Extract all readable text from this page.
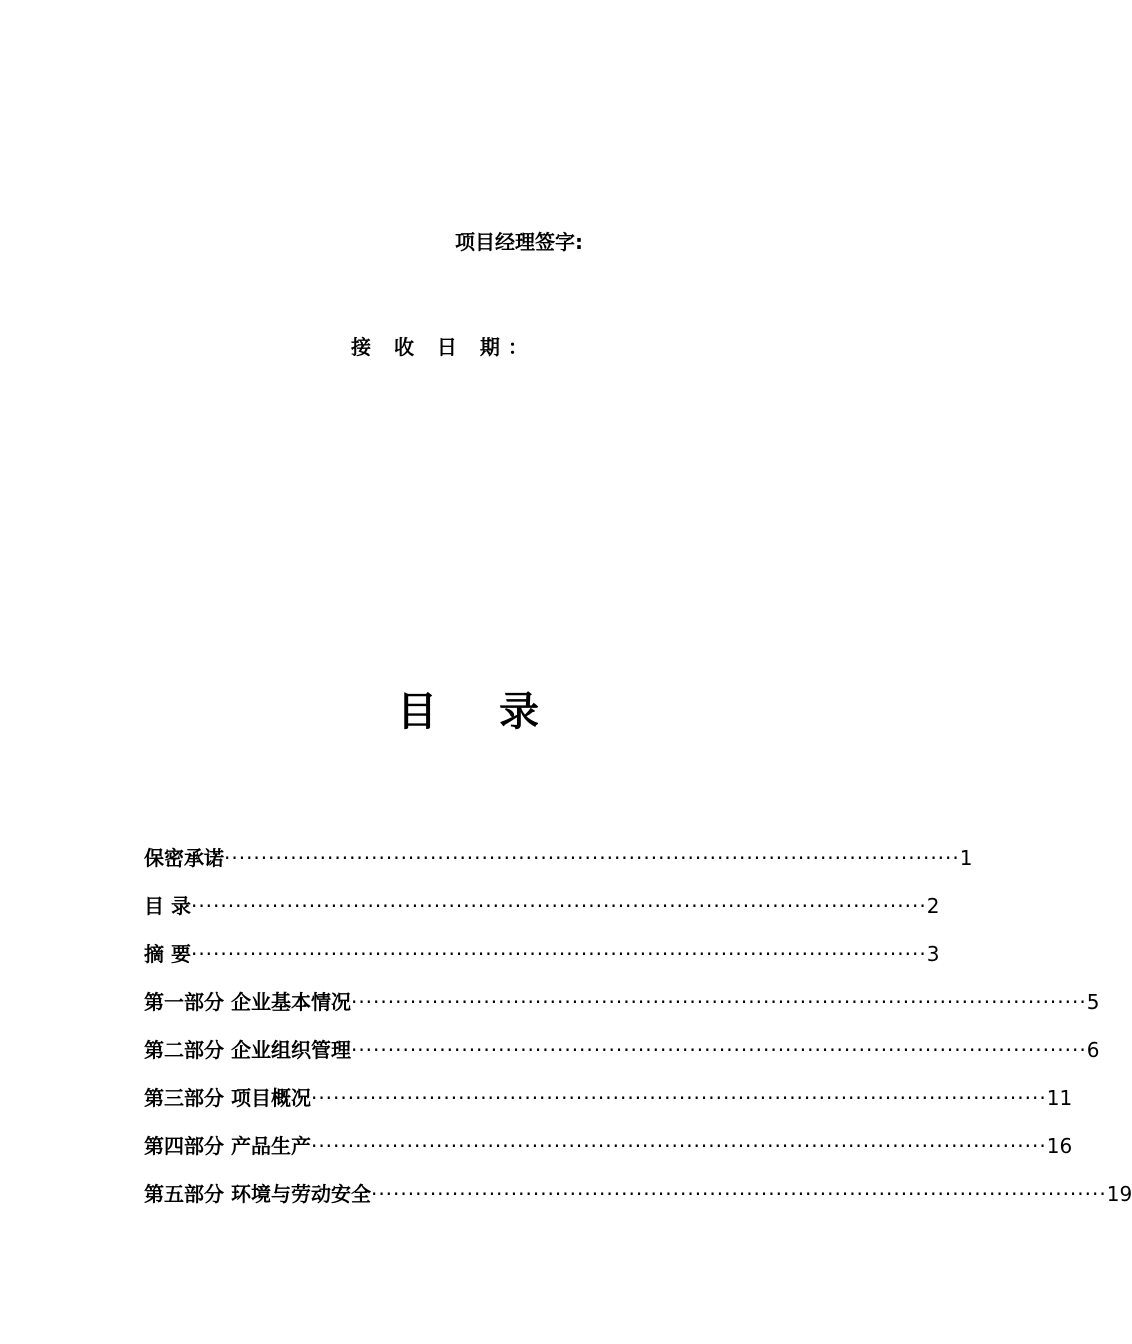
项目经理签字:
接 收 日 期：
目 录
保密承诺 ···································································································· 1
目 录 ···································································································· 2
摘 要 ···································································································· 3
第一部分 企业基本情况 ···································································································· 5
第二部分 企业组织管理 ···································································································· 6
第三部分 项目概况 ···································································································· 11
第四部分 产品生产 ···································································································· 16
第五部分 环境与劳动安全 ···································································································· 19
